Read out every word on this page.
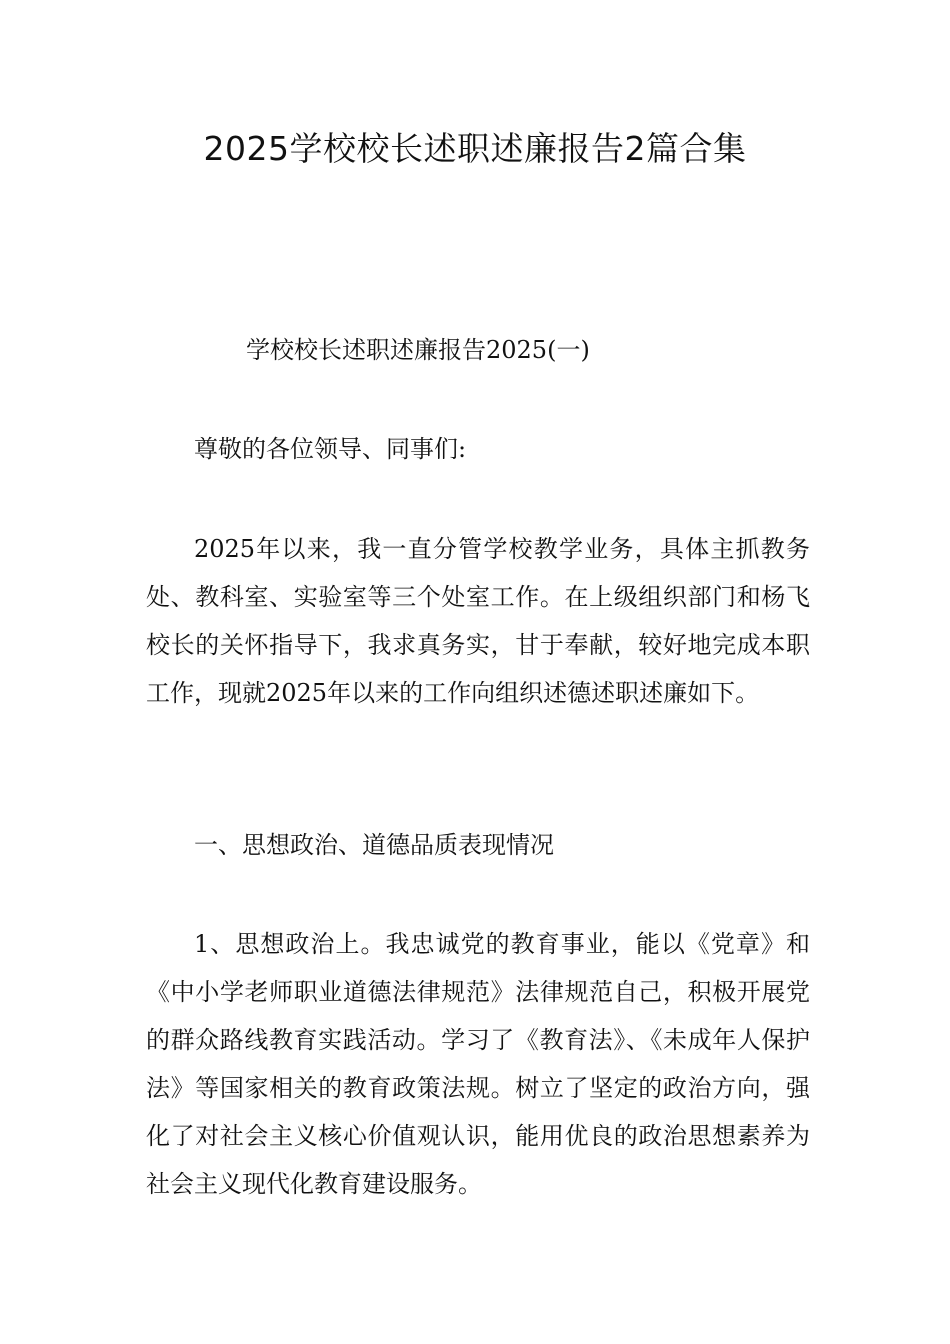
2025学校校长述职述廉报告2篇合集

学校校长述职述廉报告2025(一)

尊敬的各位领导、同事们:

2025年以来，我一直分管学校教学业务，具体主抓教务处、教科室、实验室等三个处室工作。在上级组织部门和杨飞校长的关怀指导下，我求真务实，甘于奉献，较好地完成本职工作，现就2025年以来的工作向组织述德述职述廉如下。

一、思想政治、道德品质表现情况

1、思想政治上。我忠诚党的教育事业，能以《党章》和《中小学老师职业道德法律规范》法律规范自己，积极开展党的群众路线教育实践活动。学习了《教育法》、《未成年人保护法》等国家相关的教育政策法规。树立了坚定的政治方向，强化了对社会主义核心价值观认识，能用优良的政治思想素养为社会主义现代化教育建设服务。
